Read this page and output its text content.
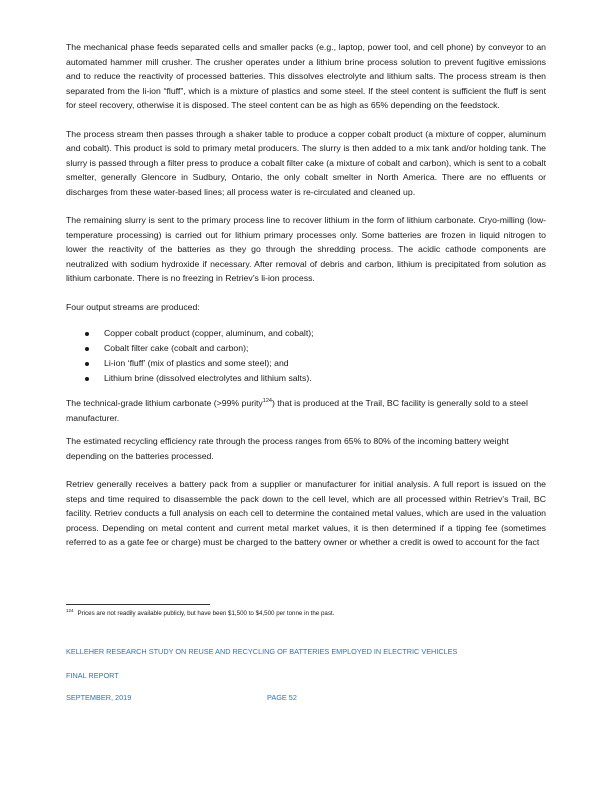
The mechanical phase feeds separated cells and smaller packs (e.g., laptop, power tool, and cell phone) by conveyor to an automated hammer mill crusher. The crusher operates under a lithium brine process solution to prevent fugitive emissions and to reduce the reactivity of processed batteries. This dissolves electrolyte and lithium salts. The process stream is then separated from the li-ion “fluff”, which is a mixture of plastics and some steel. If the steel content is sufficient the fluff is sent for steel recovery, otherwise it is disposed. The steel content can be as high as 65% depending on the feedstock.

The process stream then passes through a shaker table to produce a copper cobalt product (a mixture of copper, aluminum and cobalt). This product is sold to primary metal producers. The slurry is then added to a mix tank and/or holding tank. The slurry is passed through a filter press to produce a cobalt filter cake (a mixture of cobalt and carbon), which is sent to a cobalt smelter, generally Glencore in Sudbury, Ontario, the only cobalt smelter in North America. There are no effluents or discharges from these water-based lines; all process water is re-circulated and cleaned up.

The remaining slurry is sent to the primary process line to recover lithium in the form of lithium carbonate. Cryo-milling (low-temperature processing) is carried out for lithium primary processes only. Some batteries are frozen in liquid nitrogen to lower the reactivity of the batteries as they go through the shredding process. The acidic cathode components are neutralized with sodium hydroxide if necessary. After removal of debris and carbon, lithium is precipitated from solution as lithium carbonate. There is no freezing in Retriev’s li-ion process.

Four output streams are produced:

Copper cobalt product (copper, aluminum, and cobalt);
Cobalt filter cake (cobalt and carbon);
Li-ion ‘fluff’ (mix of plastics and some steel); and
Lithium brine (dissolved electrolytes and lithium salts).

The technical-grade lithium carbonate (>99% purity$^{124}$) that is produced at the Trail, BC facility is generally sold to a steel manufacturer.

The estimated recycling efficiency rate through the process ranges from 65% to 80% of the incoming battery weight depending on the batteries processed.

Retriev generally receives a battery pack from a supplier or manufacturer for initial analysis. A full report is issued on the steps and time required to disassemble the pack down to the cell level, which are all processed within Retriev’s Trail, BC facility. Retriev conducts a full analysis on each cell to determine the contained metal values, which are used in the valuation process. Depending on metal content and current metal market values, it is then determined if a tipping fee (sometimes referred to as a gate fee or charge) must be charged to the battery owner or whether a credit is owed to account for the fact

$^{124}$ Prices are not readily available publicly, but have been $1,500 to $4,500 per tonne in the past.
KELLEHER RESEARCH STUDY ON REUSE AND RECYCLING OF BATTERIES EMPLOYED IN ELECTRIC VEHICLES
FINAL REPORT
SEPTEMBER, 2019	PAGE 52
